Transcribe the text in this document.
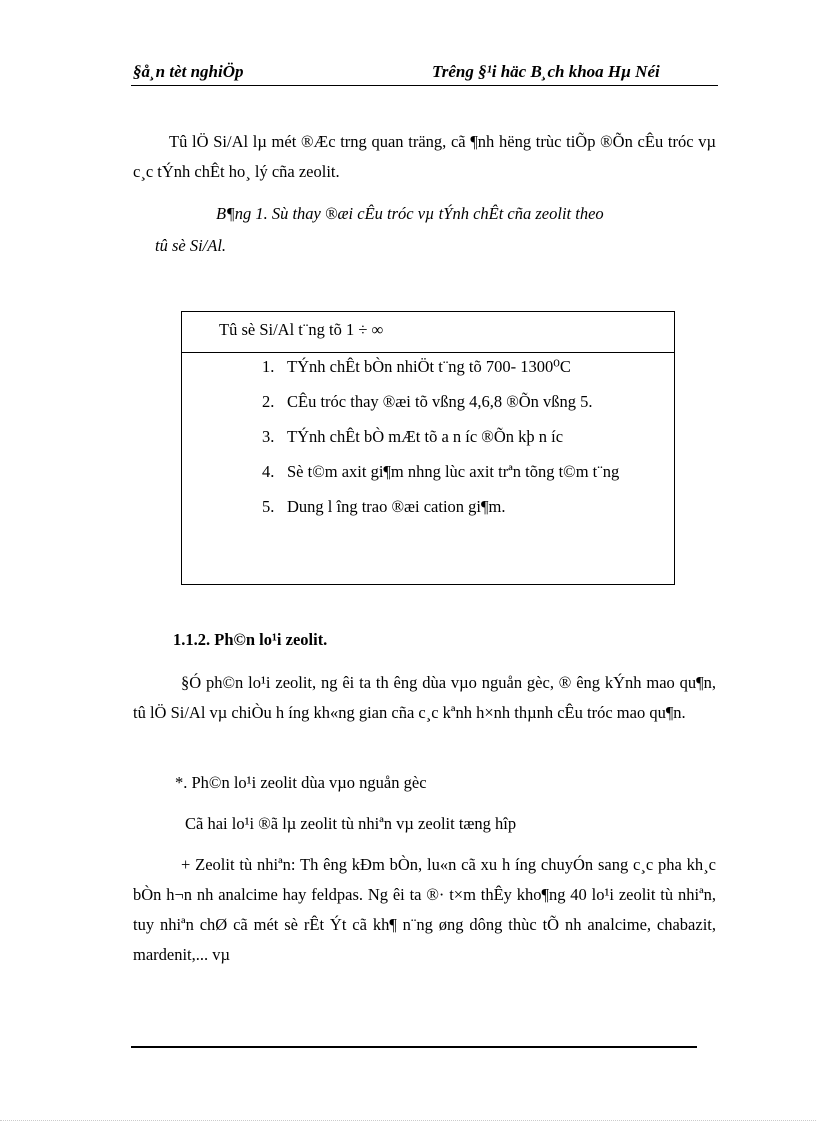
§å¸n tèt nghiÖp	Trêng §¹i häc B¸ch khoa Hµ Néi
Tû lÖ Si/Al lµ mét ®Æc trng quan träng, cã ¶nh hëng trùc tiÕp ®Õn cÊu tróc vµ c¸c tÝnh chÊt ho¸ lý cña zeolit.
B¶ng 1. Sù thay ®æi cÊu tróc vµ tÝnh chÊt cña zeolit theo
tû sè Si/Al.
Tû sè Si/Al t¨ng tõ 1 ÷ ∞
1. TÝnh chÊt bÒn nhiÖt t¨ng tõ 700- 1300⁰C
2. CÊu tróc thay ®æi tõ vßng 4,6,8 ®Õn vßng 5.
3. TÝnh chÊt bÒ mÆt tõ a n íc ®Õn kþ n íc
4. Sè t©m axit gi¶m nhng lùc axit trªn tõng t©m t¨ng
5. Dung l îng trao ®æi cation gi¶m.
1.1.2. Ph©n lo¹i zeolit.
§Ó ph©n lo¹i zeolit, ng êi ta th êng dùa vµo nguån gèc, ® êng kÝnh mao qu¶n, tû lÖ Si/Al vµ chiÒu h íng kh«ng gian cña c¸c kªnh h×nh thµnh cÊu tróc mao qu¶n.
*. Ph©n lo¹i zeolit dùa vµo nguån gèc
Cã hai lo¹i ®ã lµ zeolit tù nhiªn vµ zeolit tæng hîp
+ Zeolit tù nhiªn: Th êng kÐm bÒn, lu«n cã xu h íng chuyÓn sang c¸c pha kh¸c bÒn h¬n nh analcime hay feldpas. Ng êi ta ®· t×m thÊy kho¶ng 40 lo¹i zeolit tù nhiªn, tuy nhiªn chØ cã mét sè rÊt Ýt cã kh¶ n¨ng øng dông thùc tÕ nh analcime, chabazit, mardenit,... vµ
